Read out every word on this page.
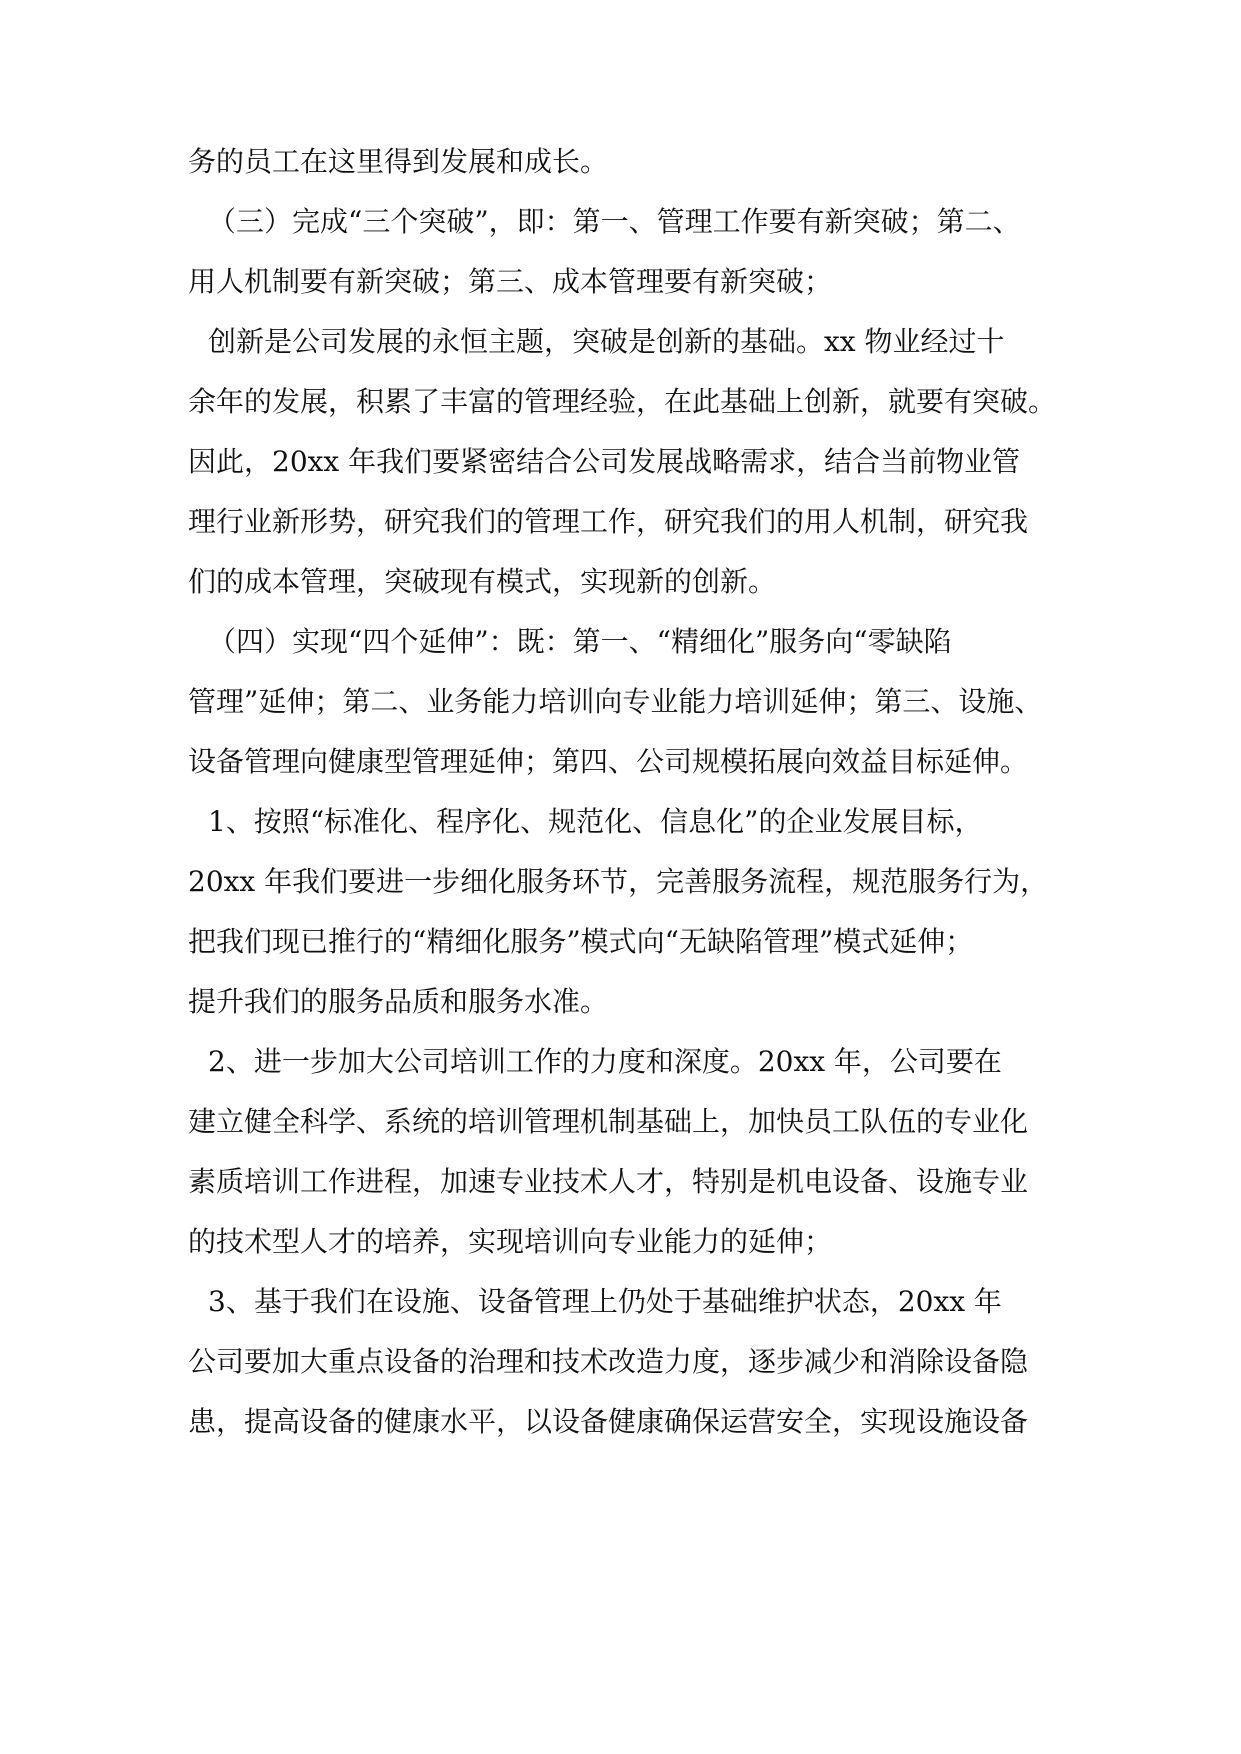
务的员工在这里得到发展和成长。
（三）完成“三个突破”，即：第一、管理工作要有新突破；第二、
用人机制要有新突破；第三、成本管理要有新突破；
创新是公司发展的永恒主题，突破是创新的基础。xx 物业经过十
余年的发展，积累了丰富的管理经验，在此基础上创新，就要有突破。
因此，20xx 年我们要紧密结合公司发展战略需求，结合当前物业管
理行业新形势，研究我们的管理工作，研究我们的用人机制，研究我
们的成本管理，突破现有模式，实现新的创新。
（四）实现“四个延伸”：既：第一、“精细化”服务向“零缺陷
管理”延伸；第二、业务能力培训向专业能力培训延伸；第三、设施、
设备管理向健康型管理延伸；第四、公司规模拓展向效益目标延伸。
1、按照“标准化、程序化、规范化、信息化”的企业发展目标，
20xx 年我们要进一步细化服务环节，完善服务流程，规范服务行为，
把我们现已推行的“精细化服务”模式向“无缺陷管理”模式延伸；
提升我们的服务品质和服务水准。
2、进一步加大公司培训工作的力度和深度。20xx 年，公司要在
建立健全科学、系统的培训管理机制基础上，加快员工队伍的专业化
素质培训工作进程，加速专业技术人才，特别是机电设备、设施专业
的技术型人才的培养，实现培训向专业能力的延伸；
3、基于我们在设施、设备管理上仍处于基础维护状态，20xx 年
公司要加大重点设备的治理和技术改造力度，逐步减少和消除设备隐
患，提高设备的健康水平，以设备健康确保运营安全，实现设施设备
